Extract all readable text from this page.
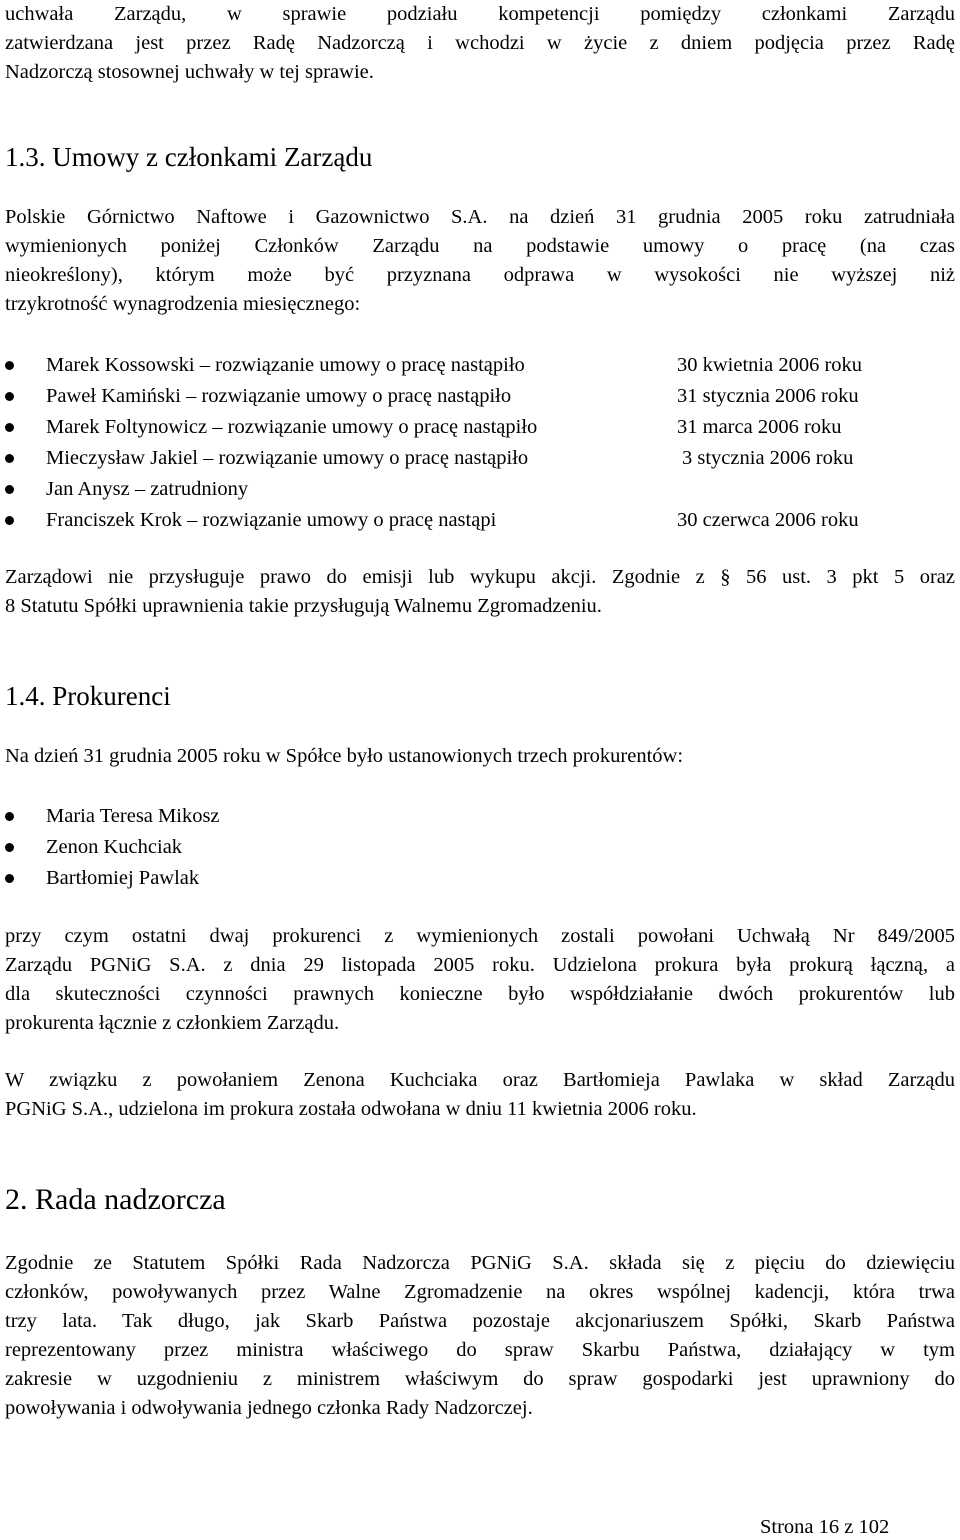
uchwała Zarządu, w sprawie podziału kompetencji pomiędzy członkami Zarządu
zatwierdzana jest przez Radę Nadzorczą i wchodzi w życie z dniem podjęcia przez Radę
Nadzorczą stosownej uchwały w tej sprawie.

1.3. Umowy z członkami Zarządu

Polskie Górnictwo Naftowe i Gazownictwo S.A. na dzień 31 grudnia 2005 roku zatrudniała
wymienionych poniżej Członków Zarządu na podstawie umowy o pracę (na czas
nieokreślony), którym może być przyznana odprawa w wysokości nie wyższej niż
trzykrotność wynagrodzenia miesięcznego:

Marek Kossowski – rozwiązanie umowy o pracę nastąpiło	30 kwietnia 2006 roku
Paweł Kamiński – rozwiązanie umowy o pracę nastąpiło	31 stycznia 2006 roku
Marek Foltynowicz – rozwiązanie umowy o pracę nastąpiło	31 marca 2006 roku
Mieczysław Jakiel – rozwiązanie umowy o pracę nastąpiło	3 stycznia 2006 roku
Jan Anysz – zatrudniony
Franciszek Krok – rozwiązanie umowy o pracę nastąpi	30 czerwca 2006 roku

Zarządowi nie przysługuje prawo do emisji lub wykupu akcji. Zgodnie z § 56 ust. 3 pkt 5 oraz
8 Statutu Spółki uprawnienia takie przysługują Walnemu Zgromadzeniu.

1.4. Prokurenci

Na dzień 31 grudnia 2005 roku w Spółce było ustanowionych trzech prokurentów:

Maria Teresa Mikosz
Zenon Kuchciak
Bartłomiej Pawlak

przy czym ostatni dwaj prokurenci z wymienionych zostali powołani Uchwałą Nr 849/2005
Zarządu PGNiG S.A. z dnia 29 listopada 2005 roku. Udzielona prokura była prokurą łączną, a
dla skuteczności czynności prawnych konieczne było współdziałanie dwóch prokurentów lub
prokurenta łącznie z członkiem Zarządu.

W związku z powołaniem Zenona Kuchciaka oraz Bartłomieja Pawlaka w skład Zarządu
PGNiG S.A., udzielona im prokura została odwołana w dniu 11 kwietnia 2006 roku.

2. Rada nadzorcza

Zgodnie ze Statutem Spółki Rada Nadzorcza PGNiG S.A. składa się z pięciu do dziewięciu
członków, powoływanych przez Walne Zgromadzenie na okres wspólnej kadencji, która trwa
trzy lata. Tak długo, jak Skarb Państwa pozostaje akcjonariuszem Spółki, Skarb Państwa
reprezentowany przez ministra właściwego do spraw Skarbu Państwa, działający w tym
zakresie w uzgodnieniu z ministrem właściwym do spraw gospodarki jest uprawniony do
powoływania i odwoływania jednego członka Rady Nadzorczej.

Strona 16 z 102
